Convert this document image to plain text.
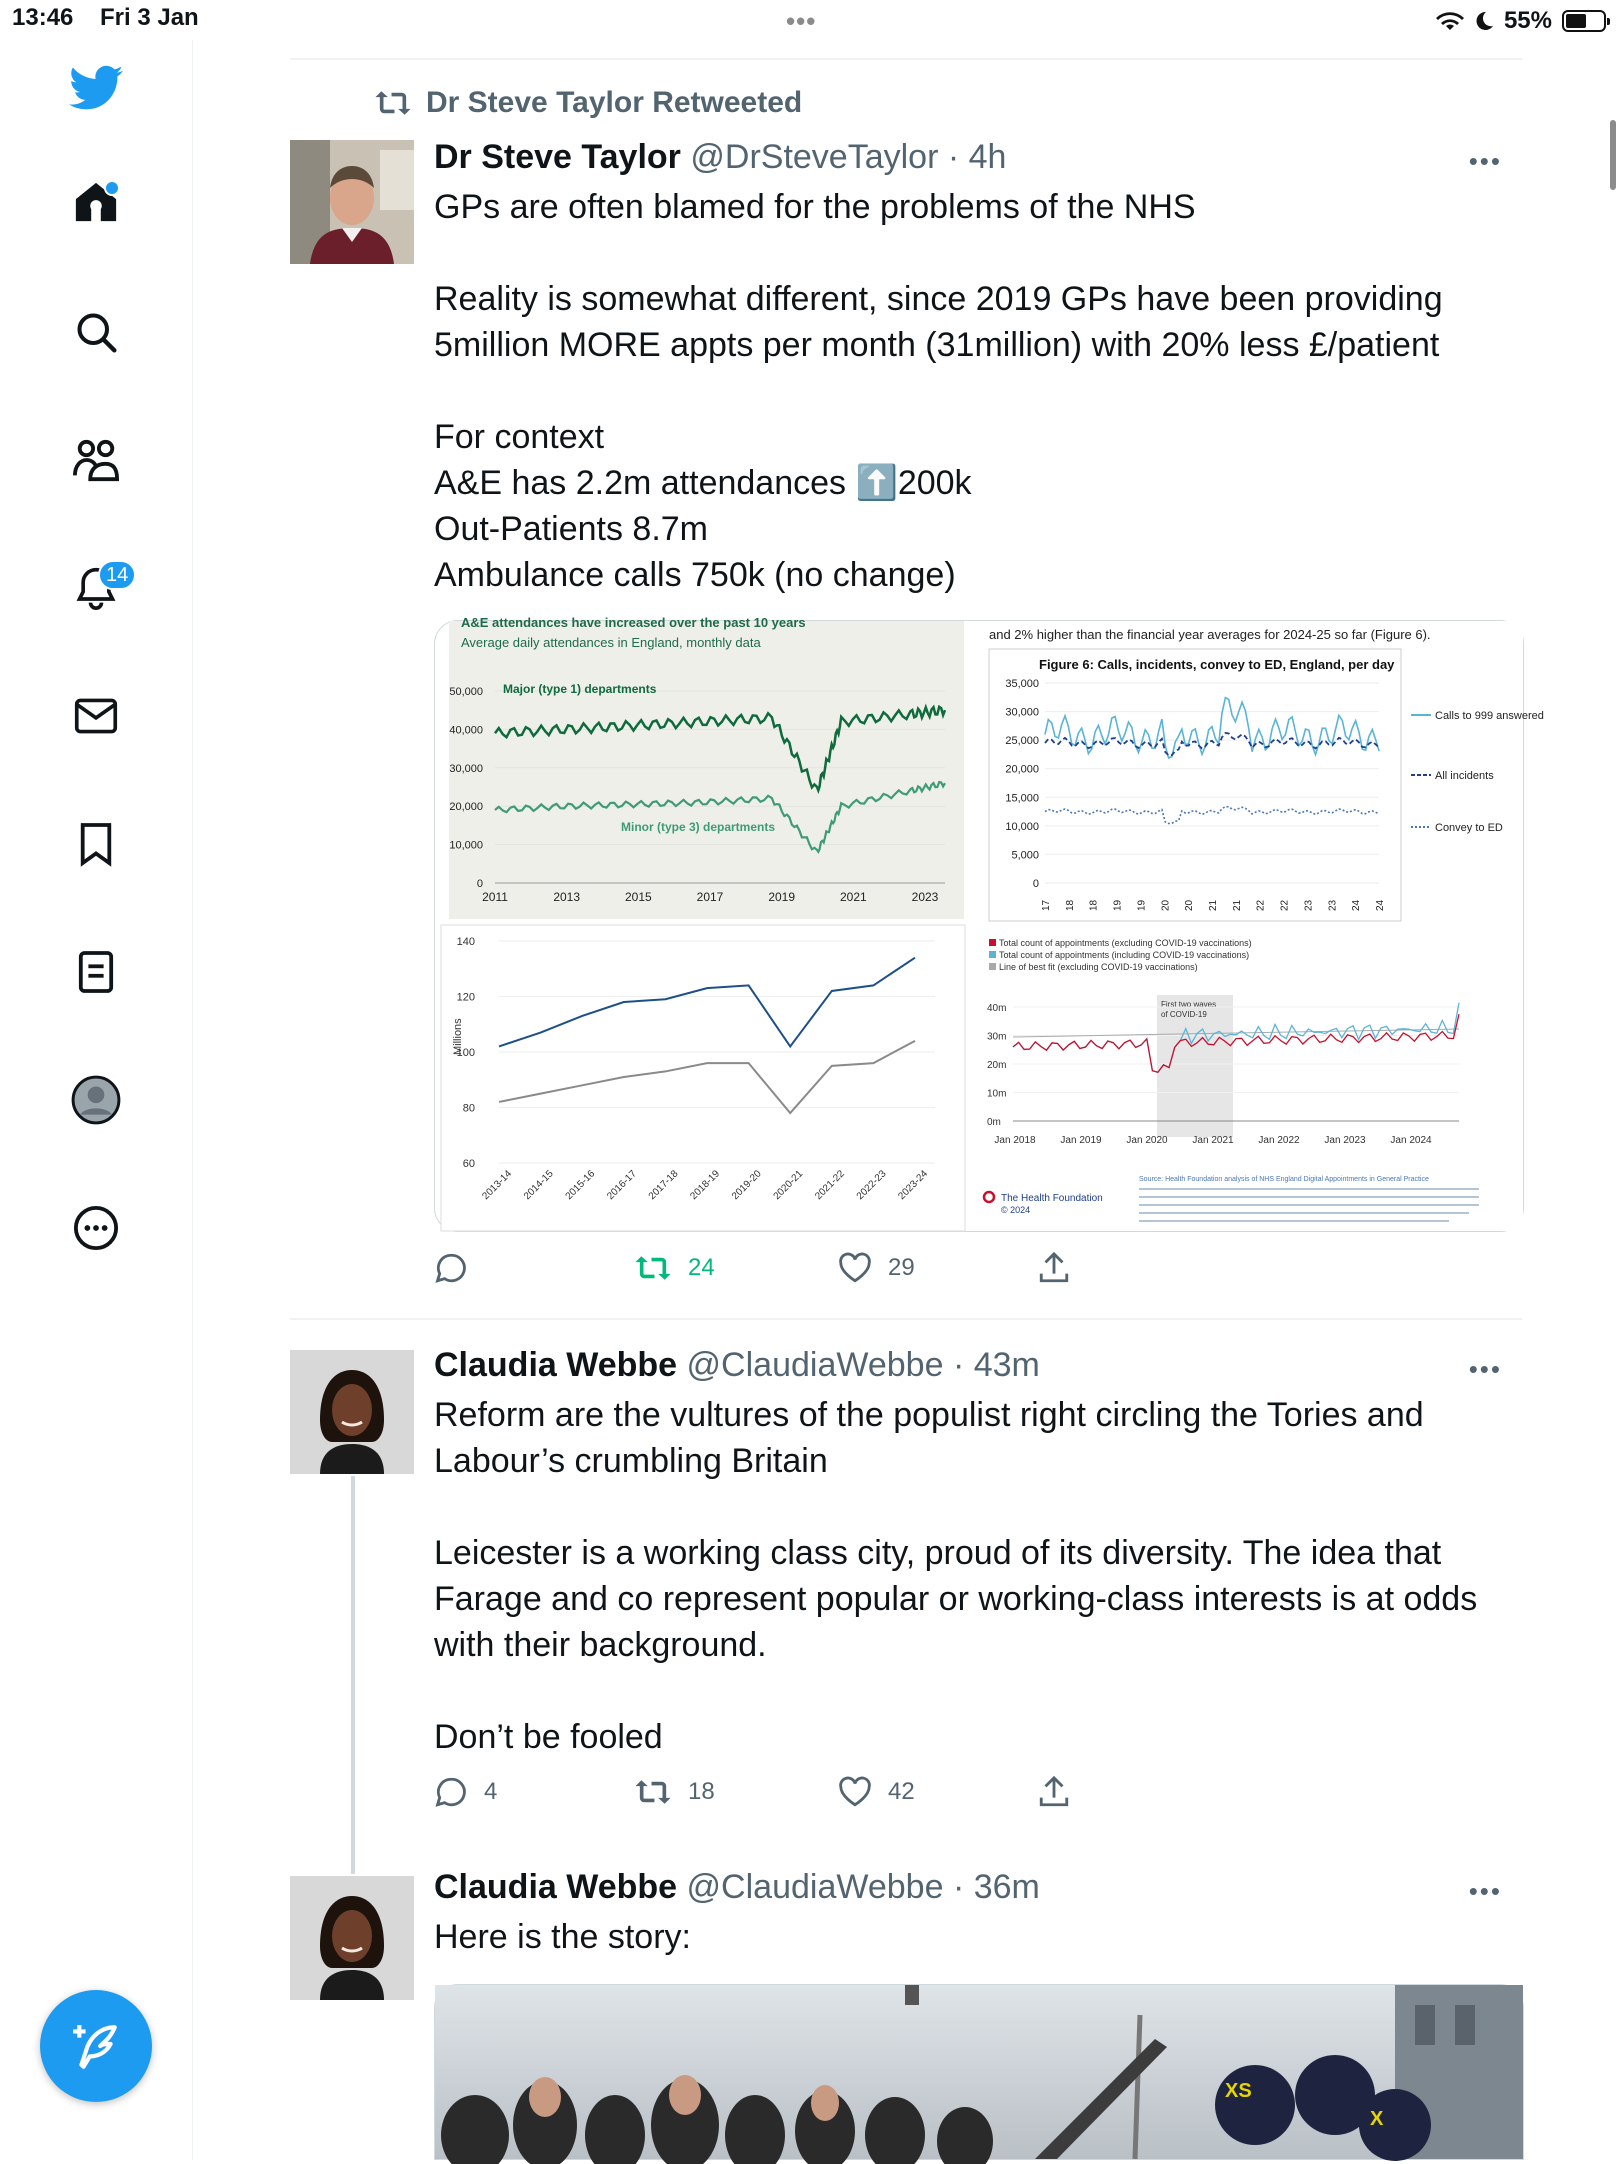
13:46 Fri 3 Jan	•••	55%
14
Dr Steve Taylor Retweeted
Dr Steve Taylor @DrSteveTaylor · 4h	•••

GPs are often blamed for the problems of the NHS

Reality is somewhat different, since 2019 GPs have been providing

5million MORE appts per month (31million) with 20% less £/patient

For context

A&E has 2.2m attendances ⬆️200k

Out-Patients 8.7m

Ambulance calls 750k (no change)

24	29
A&E attendances have increased over the past 10 years
Average daily attendances in England, monthly data
50,000
40,000
30,000
20,000
10,000
0
2011	2013	2015	2017	2019	2021	2023
Major (type 1) departments
Minor (type 3) departments
and 2% higher than the financial year averages for 2024-25 so far (Figure 6).
Figure 6: Calls, incidents, convey to ED, England, per day
35,000
30,000
25,000
20,000
15,000
10,000
5,000
0
17 18 18 19 19 20 20 21 21 22 22 23 23 24 24
Calls to 999 answered
All incidents
Convey to ED
Millions
140
120
100
80
60
2013-14 2014-15 2015-16 2016-17 2017-18 2018-19 2019-20 2020-21 2021-22 2022-23 2023-24
Total count of appointments (excluding COVID-19 vaccinations)
Total count of appointments (including COVID-19 vaccinations)
Line of best fit (excluding COVID-19 vaccinations)
First two waves
of COVID-19
40m
30m
20m
10m
0m
Jan 2018 Jan 2019 Jan 2020 Jan 2021 Jan 2022 Jan 2023 Jan 2024
The Health Foundation
© 2024
Source: Health Foundation analysis of NHS England Digital Appointments in General Practice
Claudia Webbe @ClaudiaWebbe · 43m	•••

Reform are the vultures of the populist right circling the Tories and

Labour’s crumbling Britain

Leicester is a working class city, proud of its diversity. The idea that

Farage and co represent popular or working-class interests is at odds

with their background.

Don’t be fooled

4	18	42
Claudia Webbe @ClaudiaWebbe · 36m	•••

Here is the story:

XS
X
